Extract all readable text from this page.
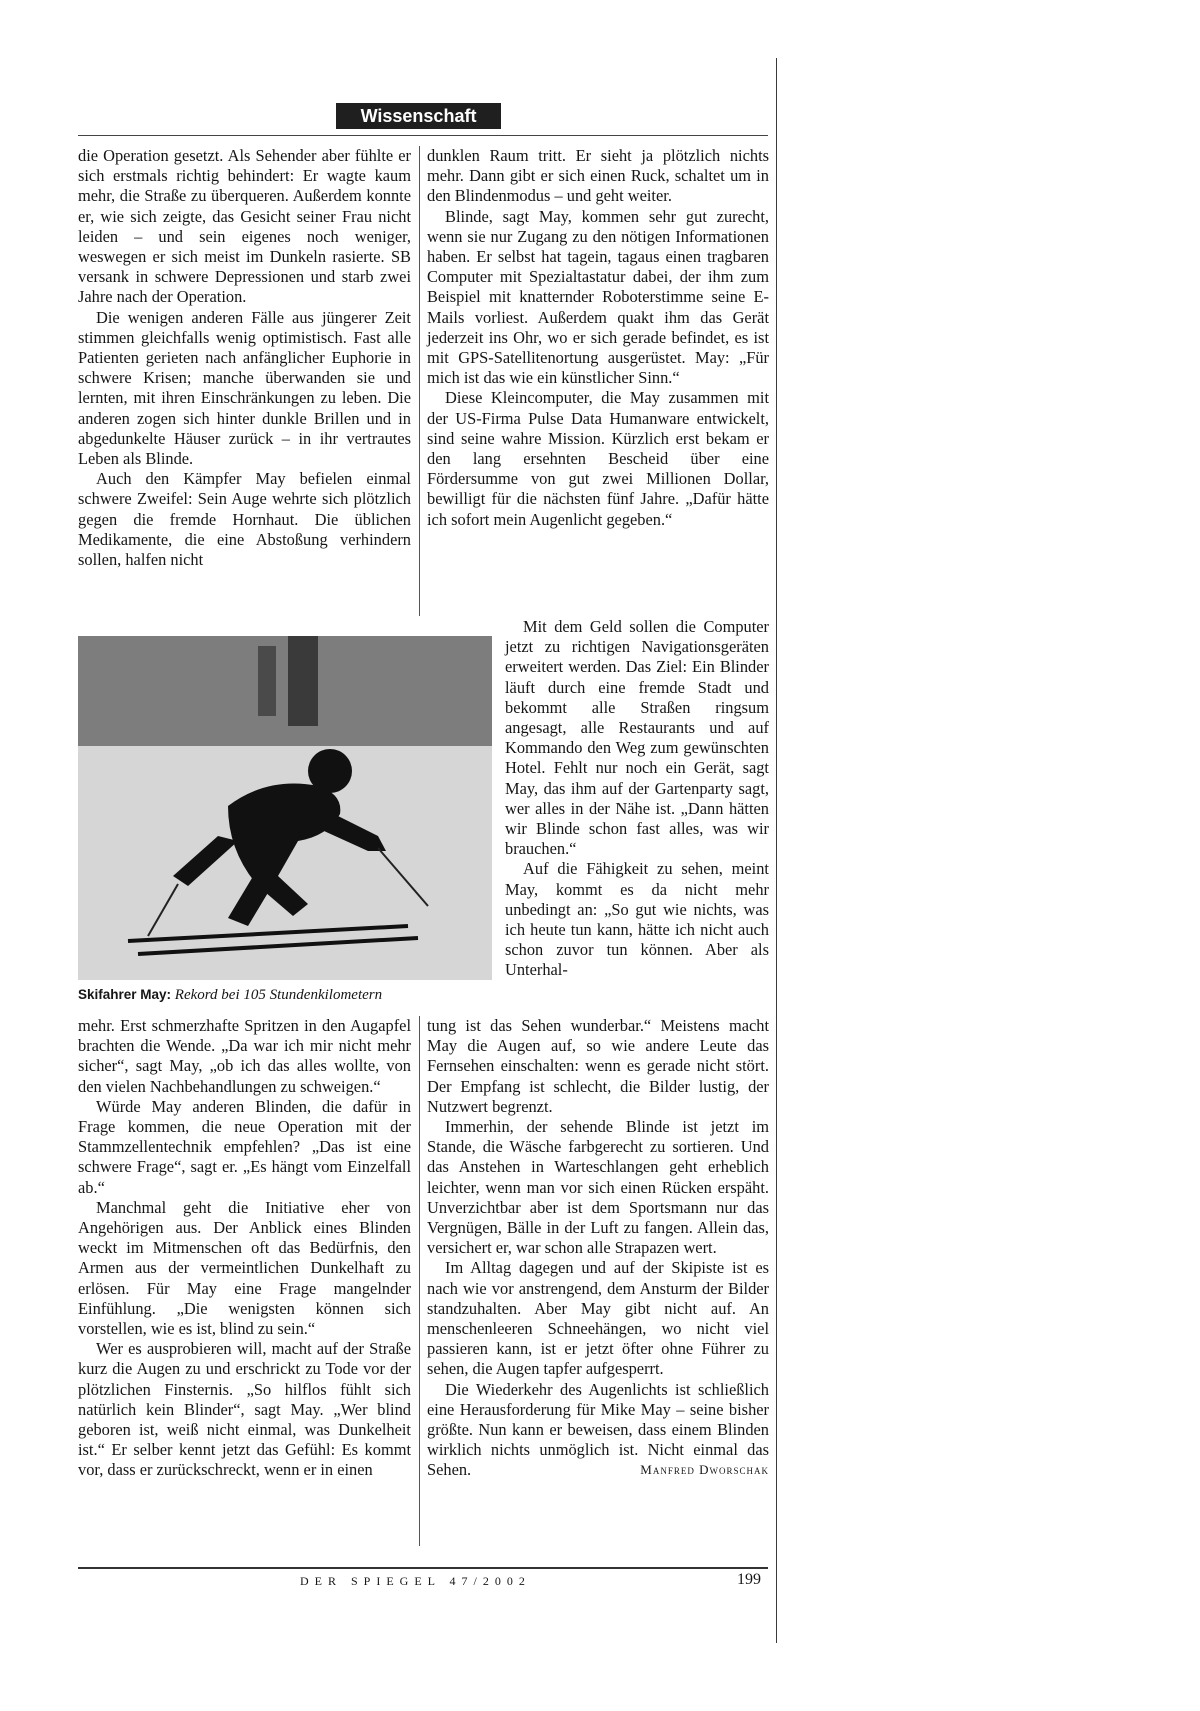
Wissenschaft

die Operation gesetzt. Als Sehender aber fühlte er sich erstmals richtig behindert: Er wagte kaum mehr, die Straße zu überqueren. Außerdem konnte er, wie sich zeigte, das Gesicht seiner Frau nicht leiden – und sein eigenes noch weniger, weswegen er sich meist im Dunkeln rasierte. SB versank in schwere Depressionen und starb zwei Jahre nach der Operation.

Die wenigen anderen Fälle aus jüngerer Zeit stimmen gleichfalls wenig optimistisch. Fast alle Patienten gerieten nach anfänglicher Euphorie in schwere Krisen; manche überwanden sie und lernten, mit ihren Einschränkungen zu leben. Die anderen zogen sich hinter dunkle Brillen und in abgedunkelte Häuser zurück – in ihr vertrautes Leben als Blinde.

Auch den Kämpfer May befielen einmal schwere Zweifel: Sein Auge wehrte sich plötzlich gegen die fremde Hornhaut. Die üblichen Medikamente, die eine Abstoßung verhindern sollen, halfen nicht

dunklen Raum tritt. Er sieht ja plötzlich nichts mehr. Dann gibt er sich einen Ruck, schaltet um in den Blindenmodus – und geht weiter.

Blinde, sagt May, kommen sehr gut zurecht, wenn sie nur Zugang zu den nötigen Informationen haben. Er selbst hat tagein, tagaus einen tragbaren Computer mit Spezialtastatur dabei, der ihm zum Beispiel mit knatternder Roboterstimme seine E-Mails vorliest. Außerdem quakt ihm das Gerät jederzeit ins Ohr, wo er sich gerade befindet, es ist mit GPS-Satellitenortung ausgerüstet. May: „Für mich ist das wie ein künstlicher Sinn.“

Diese Kleincomputer, die May zusammen mit der US-Firma Pulse Data Humanware entwickelt, sind seine wahre Mission. Kürzlich erst bekam er den lang ersehnten Bescheid über eine Fördersumme von gut zwei Millionen Dollar, bewilligt für die nächsten fünf Jahre. „Dafür hätte ich sofort mein Augenlicht gegeben.“

Skifahrer May: Rekord bei 105 Stundenkilometern

Mit dem Geld sollen die Computer jetzt zu richtigen Navigationsgeräten erweitert werden. Das Ziel: Ein Blinder läuft durch eine fremde Stadt und bekommt alle Straßen ringsum angesagt, alle Restaurants und auf Kommando den Weg zum gewünschten Hotel. Fehlt nur noch ein Gerät, sagt May, das ihm auf der Gartenparty sagt, wer alles in der Nähe ist. „Dann hätten wir Blinde schon fast alles, was wir brauchen.“

Auf die Fähigkeit zu sehen, meint May, kommt es da nicht mehr unbedingt an: „So gut wie nichts, was ich heute tun kann, hätte ich nicht auch schon zuvor tun können. Aber als Unterhal-

mehr. Erst schmerzhafte Spritzen in den Augapfel brachten die Wende. „Da war ich mir nicht mehr sicher“, sagt May, „ob ich das alles wollte, von den vielen Nachbehandlungen zu schweigen.“

Würde May anderen Blinden, die dafür in Frage kommen, die neue Operation mit der Stammzellentechnik empfehlen? „Das ist eine schwere Frage“, sagt er. „Es hängt vom Einzelfall ab.“

Manchmal geht die Initiative eher von Angehörigen aus. Der Anblick eines Blinden weckt im Mitmenschen oft das Bedürfnis, den Armen aus der vermeintlichen Dunkelhaft zu erlösen. Für May eine Frage mangelnder Einfühlung. „Die wenigsten können sich vorstellen, wie es ist, blind zu sein.“

Wer es ausprobieren will, macht auf der Straße kurz die Augen zu und erschrickt zu Tode vor der plötzlichen Finsternis. „So hilflos fühlt sich natürlich kein Blinder“, sagt May. „Wer blind geboren ist, weiß nicht einmal, was Dunkelheit ist.“ Er selber kennt jetzt das Gefühl: Es kommt vor, dass er zurückschreckt, wenn er in einen

tung ist das Sehen wunderbar.“ Meistens macht May die Augen auf, so wie andere Leute das Fernsehen einschalten: wenn es gerade nicht stört. Der Empfang ist schlecht, die Bilder lustig, der Nutzwert begrenzt.

Immerhin, der sehende Blinde ist jetzt im Stande, die Wäsche farbgerecht zu sortieren. Und das Anstehen in Warteschlangen geht erheblich leichter, wenn man vor sich einen Rücken erspäht. Unverzichtbar aber ist dem Sportsmann nur das Vergnügen, Bälle in der Luft zu fangen. Allein das, versichert er, war schon alle Strapazen wert.

Im Alltag dagegen und auf der Skipiste ist es nach wie vor anstrengend, dem Ansturm der Bilder standzuhalten. Aber May gibt nicht auf. An menschenleeren Schneehängen, wo nicht viel passieren kann, ist er jetzt öfter ohne Führer zu sehen, die Augen tapfer aufgesperrt.

Die Wiederkehr des Augenlichts ist schließlich eine Herausforderung für Mike May – seine bisher größte. Nun kann er beweisen, dass einem Blinden wirklich nichts unmöglich ist. Nicht einmal das Sehen.	Manfred Dworschak

DER SPIEGEL 47/2002	199
